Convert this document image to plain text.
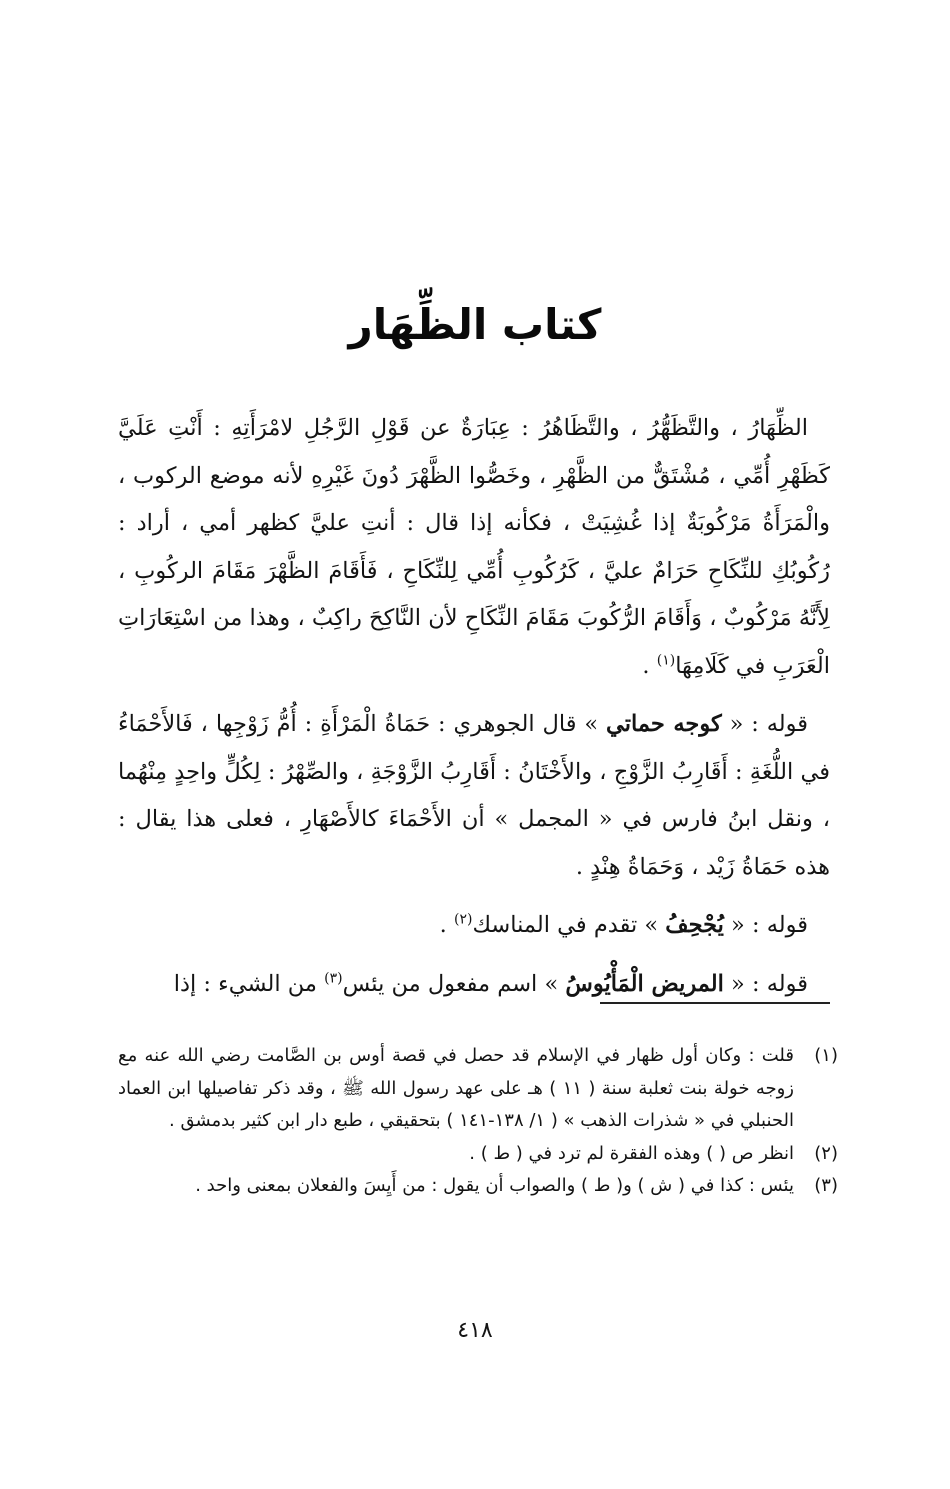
كتاب الظِّهَار

الظِّهَارُ ، والتَّظَهُّرُ ، والتَّظَاهُرُ : عِبَارَةٌ عن قَوْلِ الرَّجُلِ لامْرَأَتِهِ : أَنْتِ عَلَيَّ كَظَهْرِ أُمِّي ، مُشْتَقٌّ من الظَّهْرِ ، وخَصُّوا الظَّهْرَ دُونَ غَيْرِهِ لأنه موضع الركوب ، والْمَرَأَةُ مَرْكُوبَةٌ إذا غُشِيَتْ ، فكأنه إذا قال : أنتِ عليَّ كظهر أمي ، أراد : رُكُوبُكِ للنِّكَاحِ حَرَامٌ عليَّ ، كَرُكُوبِ أُمِّي لِلنِّكَاحِ ، فَأَقَامَ الظَّهْرَ مَقَامَ الركُوبِ ، لِأَنَّهُ مَرْكُوبٌ ، وَأَقَامَ الرُّكُوبَ مَقَامَ النِّكَاحِ لأن النَّاكِحَ راكِبٌ ، وهذا من اسْتِعَارَاتِ الْعَرَبِ في كَلَامِهَا$^{(١)}$ .

قوله : « كوجه حماتي » قال الجوهري : حَمَاةُ الْمَرْأَةِ : أُمُّ زَوْجِها ، فَالأَحْمَاءُ في اللُّغَةِ : أَقَارِبُ الزَّوْجِ ، والأَخْتَانُ : أَقَارِبُ الزَّوْجَةِ ، والصِّهْرُ : لِكُلٍّ واحِدٍ مِنْهُما ، ونقل ابنُ فارس في « المجمل » أن الأَحْمَاءَ كالأَصْهَارِ ، فعلى هذا يقال : هذه حَمَاةُ زَيْد ، وَحَمَاةُ هِنْدٍ .

قوله : « يُجْحِفُ » تقدم في المناسك$^{(٢)}$ .

قوله : « المريض الْمَأْيُوسُ » اسم مفعول من يئس$^{(٣)}$ من الشيء : إذا

(١)
قلت : وكان أول ظهار في الإسلام قد حصل في قصة أوس بن الصَّامت رضي الله عنه مع زوجه خولة بنت ثعلبة سنة ( ١١ ) هـ على عهد رسول الله ﷺ ، وقد ذكر تفاصيلها ابن العماد الحنبلي في « شذرات الذهب » ( ١/ ١٣٨-١٤١ ) بتحقيقي ، طبع دار ابن كثير بدمشق .
(٢)
انظر ص ( ) وهذه الفقرة لم ترد في ( ط ) .
(٣)
يئس : كذا في ( ش ) و( ط ) والصواب أن يقول : من أَيِسَ والفعلان بمعنى واحد .
٤١٨
